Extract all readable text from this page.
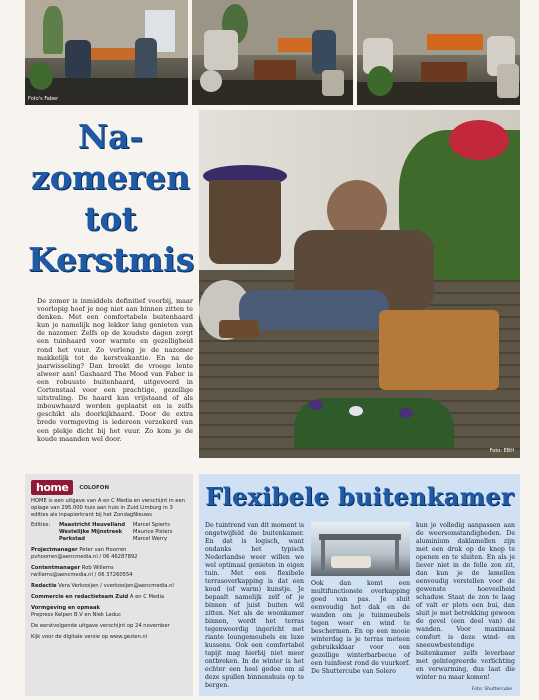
Foto's Faber
Foto: EBH
Na-
zomeren
tot
Kerstmis
De zomer is inmiddels definitief voorbij, maar voorlopig hoef je nog niet aan binnen zitten te denken. Met een comfortabele buitenhaard kun je namelijk nog lekker lang genieten van de nazomer. Zelfs op de koudste dagen zorgt een tuinhaard voor warmte en gezelligheid rond het vuur. Zo verleng je de nazomer makkelijk tot de kerstvakantie. En na de jaarwisseling? Dan breekt de vroege lente alweer aan! Gashaard The Mood van Faber is een robuuste buitenhaard, uitgevoerd in Cortenstaal voor een prachtige, gezellige uitstraling. De haard kan vrijstaand of als inbouwhaard worden geplaatst en is zelfs geschikt als doorkijkhaard. Door de extra brede vormgeving is iedereen verzekerd van een plekje dicht bij het vuur. Zo kom je de koude maanden wel door.
home	COLOFON
HOME is een uitgave van A en C Media en verschijnt in een oplage van 295.000 huis aan huis in Zuid Limburg in 3 edities als inpapierkrant bij het ZondagNieuws
Edities:	Maastricht Heuvelland	Marcel Spierts
Westelijke Mijnstreek	Maurice Pisters
Parkstad	Marcel Werry
Projectmanager Peter van Hoorren
pvhoorren@aencmedia.nl / 06 46287892
Contentmanager Rob Willems
rwillems@aencmedia.nl / 06 37260554
Redactie Vera Verkooijen / vverkooijen@aencmedia.nl
Commercie en redactieteam Zuid A en C Media
Vormgeving en opmaak
Prepress Kelpen B.V en Niek Leduc
De eerstvolgende uitgave verschijnt op 24 november
Kijk voor de digitale versie op www.gezien.nl
Flexibele buitenkamer
De tuintrend van dit moment is ongetwijfeld de buitenkamer. En dat is logisch, want ondanks het typisch Nederlandse weer willen we wel optimaal genieten in eigen tuin. Met een flexibele terrasoverkapping is dat een koud (of warm) kunstje. Je bepaalt namelijk zelf of je binnen of juist buiten wil zitten. Net als de woonkamer binnen, wordt het terras tegenwoordig ingericht met riante loungemeubels en luxe kussens. Ook een comfortabel tapijt mag hierbij niet meer ontbreken. In de winter is het echter een heel gedoe om al deze spullen binnenshuis op te bergen.
Ook dan komt een multifunctionele overkapping goed van pas. Je sluit eenvoudig het dak en de wanden om je tuinmeubels tegen weer en wind te beschermen. En op een mooie winterdag is je terras meteen gebruiksklaar voor een gezellige winterbarbecue of een tuinfeest rond de vuurkorf. De Shuttercube van Solero
kun je volledig aanpassen aan de weersomstandigheden. De aluminium daklamellen zijn met een druk op de knop te openen en te sluiten. En als je liever niet in de felle zon zit, dan kun je de lamellen eenvoudig verstellen voor de gewenste hoeveelheid schaduw. Staat de zon te laag of valt er plots een bui, dan sluit je met betrekking gewoon de gevel (een deel van) de wanden. Voor maximaal comfort is deze wind- en sneeuwbestendige buitenkamer zelfs leverbaar met geïntegreerde verlichting en verwarming, dus laat die winter nu maar komen!
Foto: Shuttercube
